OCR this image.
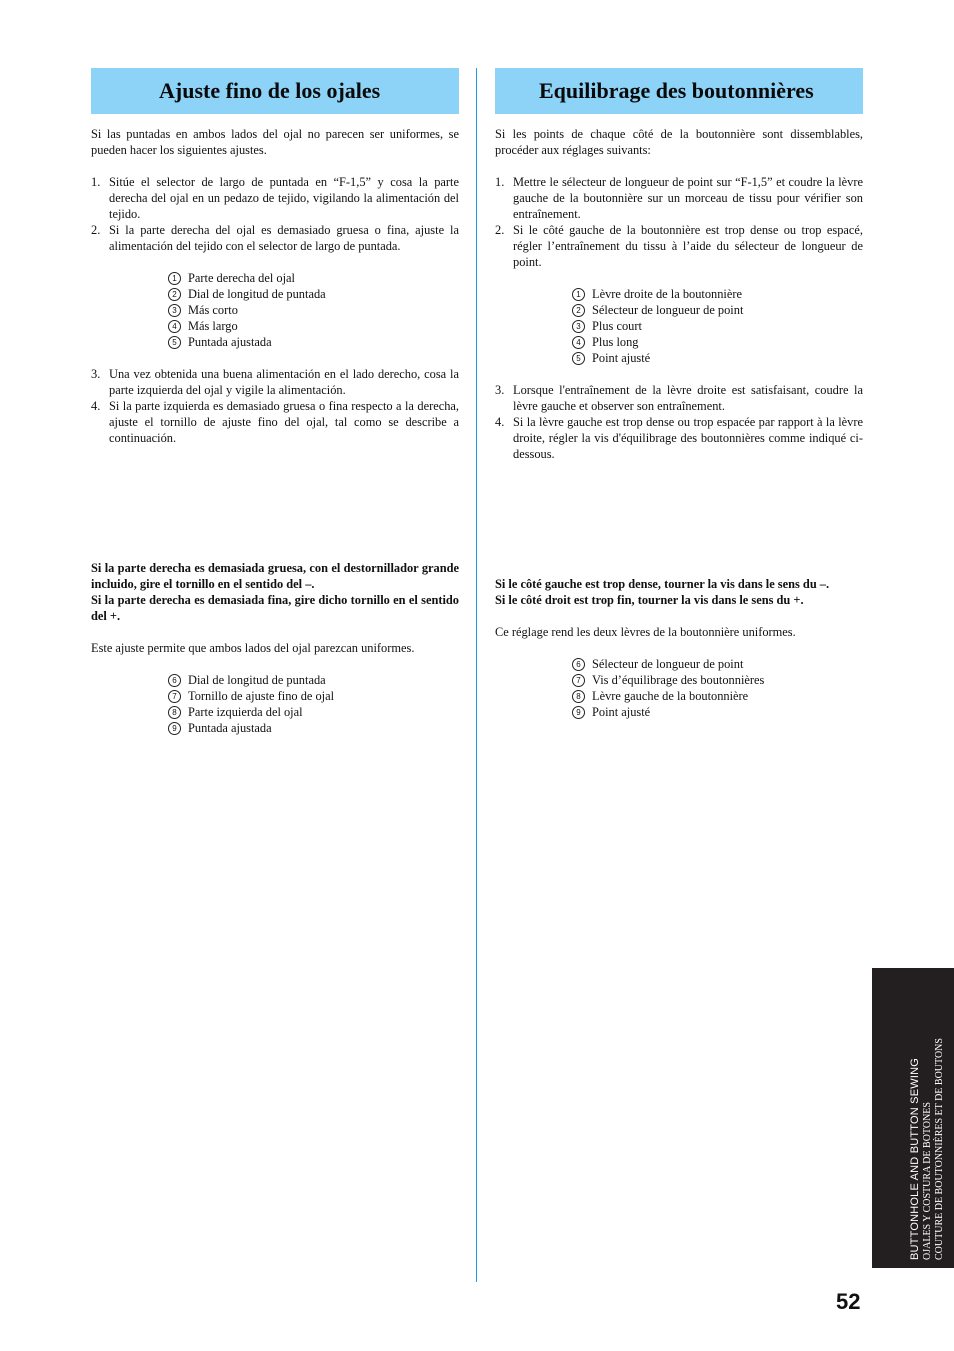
Ajuste fino de los ojales
Si las puntadas en ambos lados del ojal no parecen ser uniformes, se pueden hacer los siguientes ajustes.
1. Sitúe el selector de largo de puntada en “F-1,5” y cosa la parte derecha del ojal en un pedazo de tejido, vigilando la alimentación del tejido.
2. Si la parte derecha del ojal es demasiado gruesa o fina, ajuste la alimentación del tejido con el selector de largo de puntada.
1 Parte derecha del ojal
2 Dial de longitud de puntada
3 Más corto
4 Más largo
5 Puntada ajustada
3. Una vez obtenida una buena alimentación en el lado derecho, cosa la parte izquierda del ojal y vigile la alimentación.
4. Si la parte izquierda es demasiado gruesa o fina respecto a la derecha, ajuste el tornillo de ajuste fino del ojal, tal como se describe a continuación.
Si la parte derecha es demasiada gruesa, con el destornillador grande incluido, gire el tornillo en el sentido del –.
Si la parte derecha es demasiada fina, gire dicho tornillo en el sentido del +.
Este ajuste permite que ambos lados del ojal parezcan uniformes.
6 Dial de longitud de puntada
7 Tornillo de ajuste fino de ojal
8 Parte izquierda del ojal
9 Puntada ajustada
Equilibrage des boutonnières
Si les points de chaque côté de la boutonnière sont dissemblables, procéder aux réglages suivants:
1. Mettre le sélecteur de longueur de point sur “F-1,5” et coudre la lèvre gauche de la boutonnière sur un morceau de tissu pour vérifier son entraînement.
2. Si le côté gauche de la boutonnière est trop dense ou trop espacé, régler l’entraînement du tissu à l’aide du sélecteur de longueur de point.
1 Lèvre droite de la boutonnière
2 Sélecteur de longueur de point
3 Plus court
4 Plus long
5 Point ajusté
3. Lorsque l'entraînement de la lèvre droite est satisfaisant, coudre la lèvre gauche et observer son entraînement.
4. Si la lèvre gauche est trop dense ou trop espacée par rapport à la lèvre droite, régler la vis d'équilibrage des boutonnières comme indiqué ci-dessous.
Si le côté gauche est trop dense, tourner la vis dans le sens du –.
Si le côté droit est trop fin, tourner la vis dans le sens du +.
Ce réglage rend les deux lèvres de la boutonnière uniformes.
6 Sélecteur de longueur de point
7 Vis d’équilibrage des boutonnières
8 Lèvre gauche de la boutonnière
9 Point ajusté
BUTTONHOLE AND BUTTON SEWING OJALES Y COSTURA DE BOTONES COUTURE DE BOUTONNIÈRES ET DE BOUTONS
52
